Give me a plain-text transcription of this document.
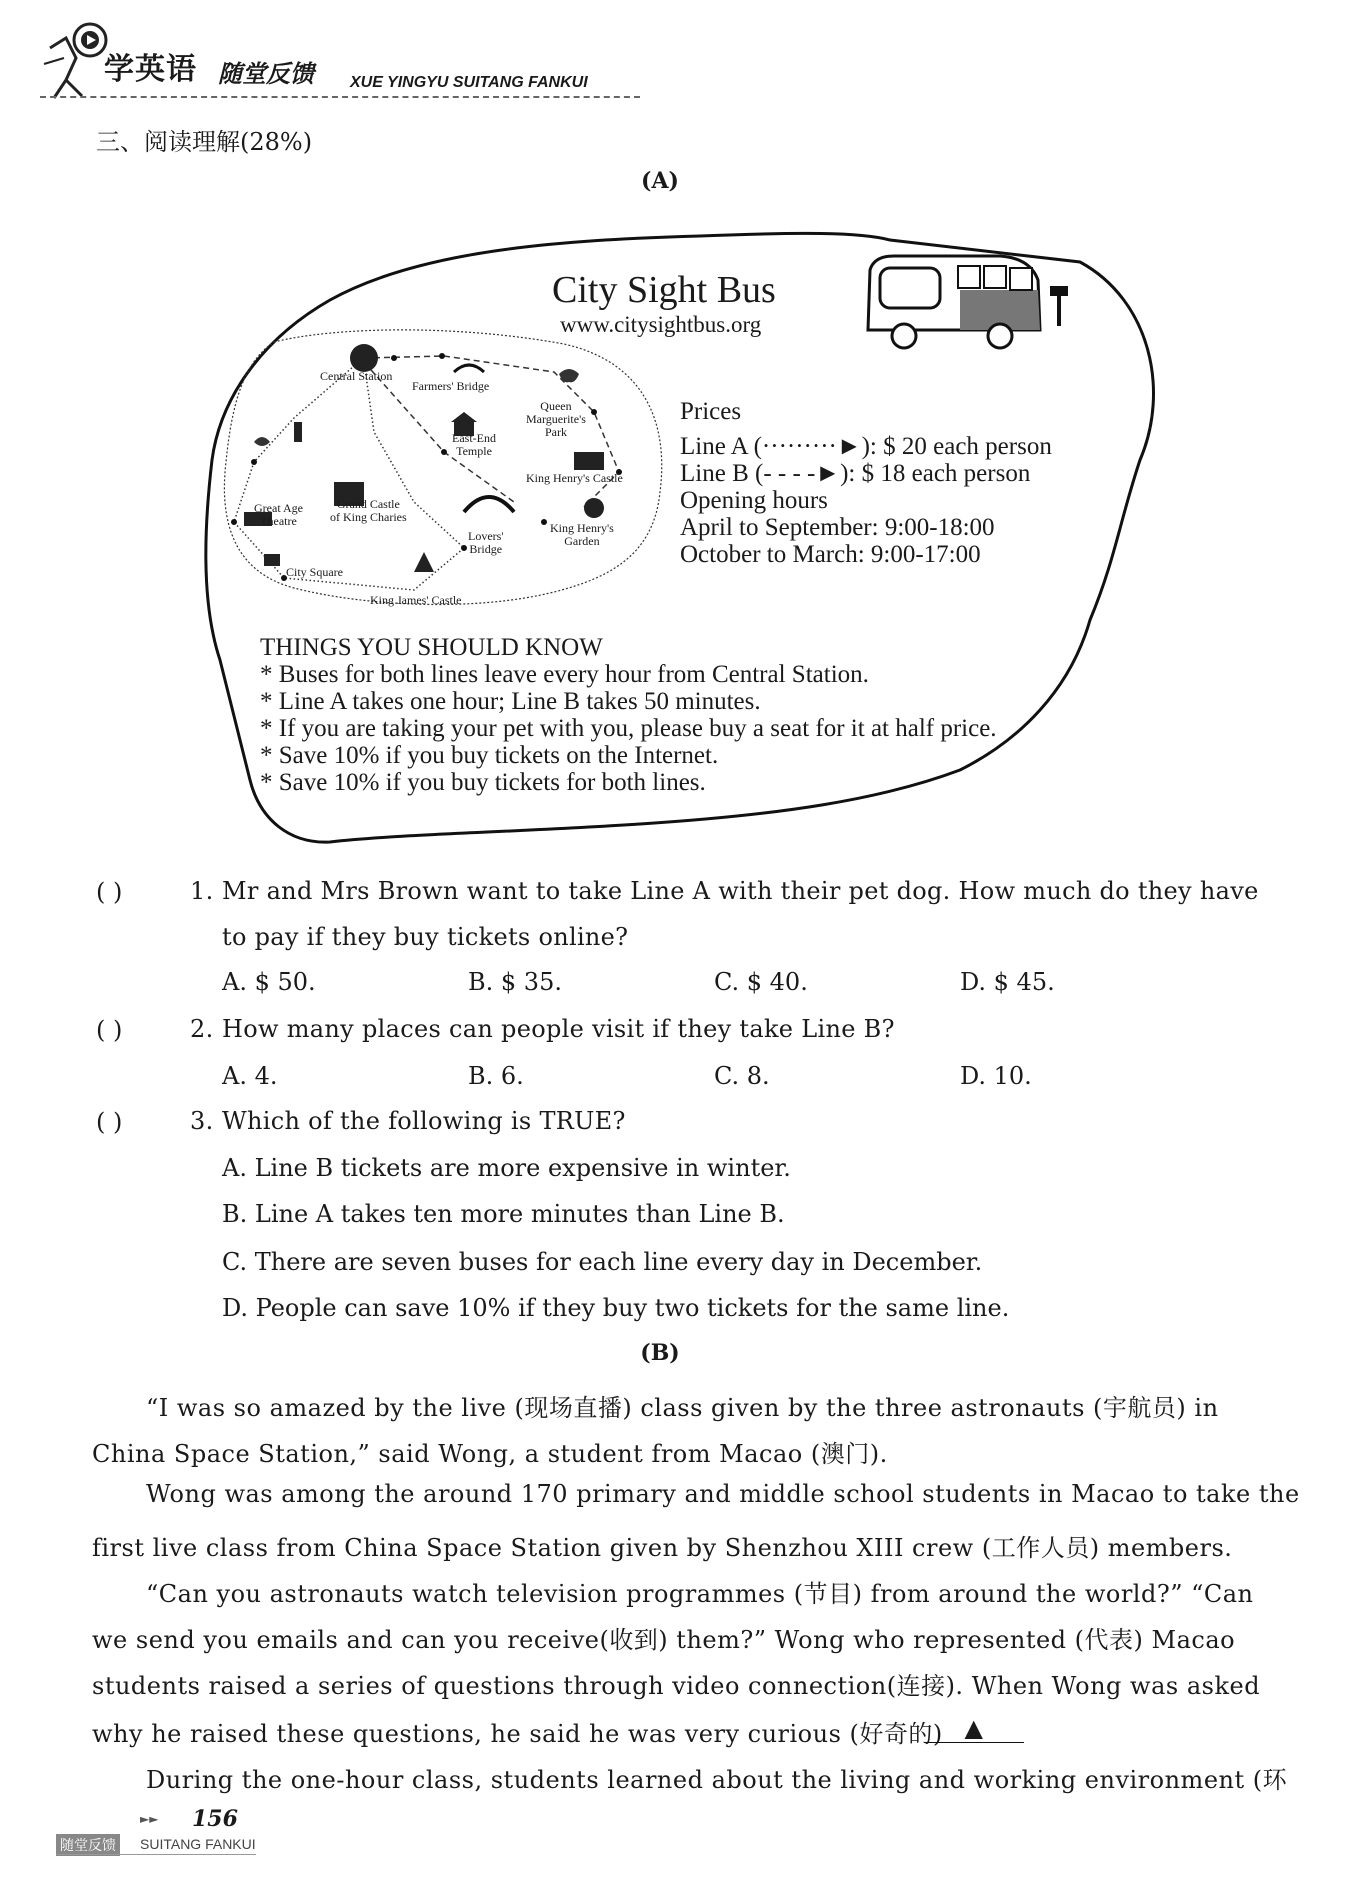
学英语 随堂反馈 XUE YINGYU SUITANG FANKUI
三、阅读理解(28%)
(A)
City Sight Bus
www.citysightbus.org
Central Station
Farmers' Bridge
Queen
Marguerite's
Park
East-End
Temple
King Henry's Castle
Great Age
Theatre
Grand Castle
of King Charies
Lovers'
Bridge
King Henry's
Garden
City Square
King James' Castle
Prices
Line A (·········►): $ 20 each person
Line B (- - - -►): $ 18 each person
Opening hours
April to September: 9:00-18:00
October to March: 9:00-17:00
THINGS YOU SHOULD KNOW
* Buses for both lines leave every hour from Central Station.
* Line A takes one hour; Line B takes 50 minutes.
* If you are taking your pet with you, please buy a seat for it at half price.
* Save 10% if you buy tickets on the Internet.
* Save 10% if you buy tickets for both lines.
( )	1. Mr and Mrs Brown want to take Line A with their pet dog. How much do they have
to pay if they buy tickets online?
A. $ 50.	B. $ 35.	C. $ 40.	D. $ 45.
( )	2. How many places can people visit if they take Line B?
A. 4.	B. 6.	C. 8.	D. 10.
( )	3. Which of the following is TRUE?
A. Line B tickets are more expensive in winter.
B. Line A takes ten more minutes than Line B.
C. There are seven buses for each line every day in December.
D. People can save 10% if they buy two tickets for the same line.
(B)
“I was so amazed by the live (现场直播) class given by the three astronauts (宇航员) in
China Space Station,” said Wong, a student from Macao (澳门).
Wong was among the around 170 primary and middle school students in Macao to take the
first live class from China Space Station given by Shenzhou XIII crew (工作人员) members.
“Can you astronauts watch television programmes (节目) from around the world?” “Can
we send you emails and can you receive(收到) them?” Wong who represented (代表) Macao
students raised a series of questions through video connection(连接). When Wong was asked
why he raised these questions, he said he was very curious (好奇的) ▲
During the one-hour class, students learned about the living and working environment (环
►► 156
随堂反馈 SUITANG FANKUI
